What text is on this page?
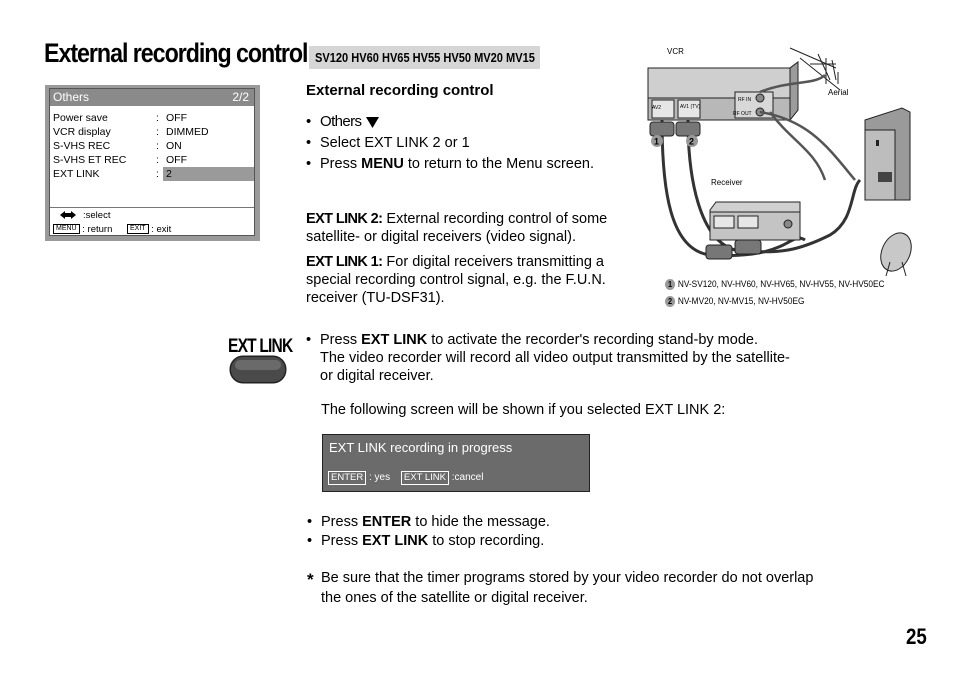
External recording control SV120 HV60 HV65 HV55 HV50 MV20 MV15
Others	2/2
Power save	: OFF
VCR display	: DIMMED
S-VHS REC	: ON
S-VHS ET REC	: OFF
EXT LINK	: 2
:select
MENU : return	EXIT : exit
External recording control
• Others
• Select EXT LINK 2 or 1
• Press MENU to return to the Menu screen.
EXT LINK 2: External recording control of some satellite- or digital receivers (video signal).
EXT LINK 1: For digital receivers transmitting a special recording control signal, e.g. the F.U.N. receiver (TU-DSF31).
VCR
AV2	AV1 (TV)
RF IN
RF OUT
Aerial
Receiver
1	2
1 NV-SV120, NV-HV60, NV-HV65, NV-HV55, NV-HV50EC
2 NV-MV20, NV-MV15, NV-HV50EG
EXT LINK • Press EXT LINK to activate the recorder's recording stand-by mode.
The video recorder will record all video output transmitted by the satellite-
or digital receiver.
The following screen will be shown if you selected EXT LINK 2:
EXT LINK recording in progress
ENTER : yes EXT LINK :cancel
• Press ENTER to hide the message.
• Press EXT LINK to stop recording.
* Be sure that the timer programs stored by your video recorder do not overlap
the ones of the satellite or digital receiver.
25
